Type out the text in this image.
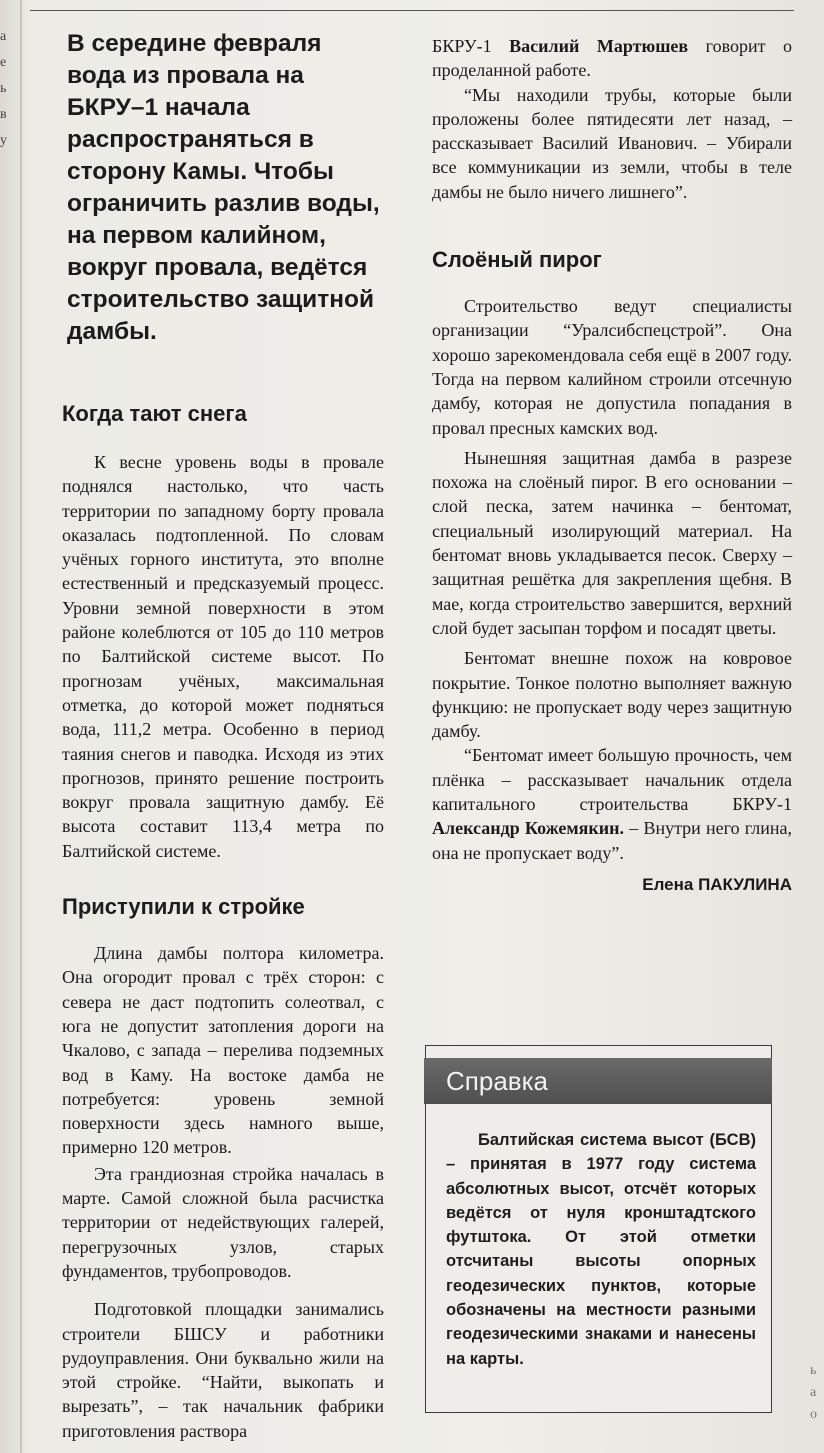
а
е
ь
в
у
В середине февраля вода из провала на БКРУ–1 начала распространяться в сторону Камы. Чтобы ограничить разлив воды, на первом калийном, вокруг провала, ведётся строительство защитной дамбы.
Когда тают снега

К весне уровень воды в провале поднялся настолько, что часть территории по западному борту провала оказалась подтопленной. По словам учёных горного института, это вполне естественный и предсказуемый процесс. Уровни земной поверхности в этом районе колеблются от 105 до 110 метров по Балтийской системе высот. По прогнозам учёных, максимальная отметка, до которой может подняться вода, 111,2 метра. Особенно в период таяния снегов и паводка. Исходя из этих прогнозов, принято решение построить вокруг провала защитную дамбу. Её высота составит 113,4 метра по Балтийской системе.

Приступили к стройке

Длина дамбы полтора километра. Она огородит провал с трёх сторон: с севера не даст подтопить солеотвал, с юга не допустит затопления дороги на Чкалово, с запада – перелива подземных вод в Каму. На востоке дамба не потребуется: уровень земной поверхности здесь намного выше, примерно 120 метров.

Эта грандиозная стройка началась в марте. Самой сложной была расчистка территории от недействующих галерей, перегрузочных узлов, старых фундаментов, трубопроводов.

Подготовкой площадки занимались строители БШСУ и работники рудоуправления. Они буквально жили на этой стройке. “Найти, выкопать и вырезать”, – так начальник фабрики приготовления раствора

БКРУ-1 Василий Мартюшев говорит о проделанной работе.

“Мы находили трубы, которые были проложены более пятидесяти лет назад, – рассказывает Василий Иванович. – Убирали все коммуникации из земли, чтобы в теле дамбы не было ничего лишнего”.

Слоёный пирог

Строительство ведут специалисты организации “Уралсибспецстрой”. Она хорошо зарекомендовала себя ещё в 2007 году. Тогда на первом калийном строили отсечную дамбу, которая не допустила попадания в провал пресных камских вод.

Нынешняя защитная дамба в разрезе похожа на слоёный пирог. В его основании – слой песка, затем начинка – бентомат, специальный изолирующий материал. На бентомат вновь укладывается песок. Сверху – защитная решётка для закрепления щебня. В мае, когда строительство завершится, верхний слой будет засыпан торфом и посадят цветы.

Бентомат внешне похож на ковровое покрытие. Тонкое полотно выполняет важную функцию: не пропускает воду через защитную дамбу.

“Бентомат имеет большую прочность, чем плёнка – рассказывает начальник отдела капитального строительства БКРУ-1 Александр Кожемякин. – Внутри него глина, она не пропускает воду”.

Елена ПАКУЛИНА
Справка

Балтийская система высот (БСВ) – принятая в 1977 году система абсолютных высот, отсчёт которых ведётся от нуля кронштадтского футштока. От этой отметки отсчитаны высоты опорных геодезических пунктов, которые обозначены на местности разными геодезическими знаками и нанесены на карты.

ь
а
о
